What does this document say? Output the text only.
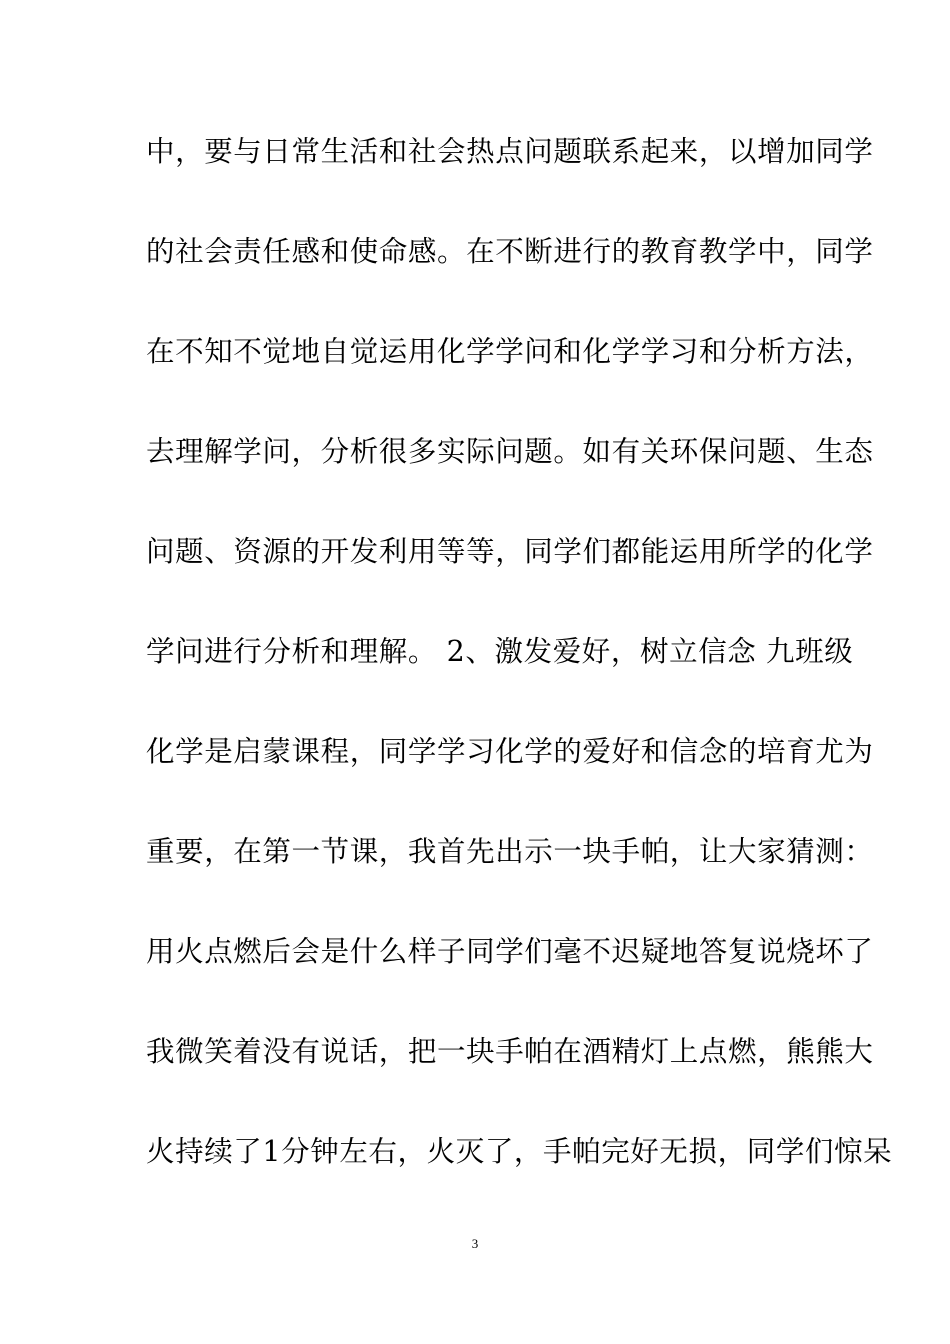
中，要与日常生活和社会热点问题联系起来，以增加同学
的社会责任感和使命感。在不断进行的教育教学中，同学
在不知不觉地自觉运用化学学问和化学学习和分析方法，
去理解学问，分析很多实际问题。如有关环保问题、生态
问题、资源的开发利用等等，同学们都能运用所学的化学
学问进行分析和理解。 2、激发爱好，树立信念 九班级
化学是启蒙课程，同学学习化学的爱好和信念的培育尤为
重要，在第一节课，我首先出示一块手帕，让大家猜测：
用火点燃后会是什么样子同学们毫不迟疑地答复说烧坏了
我微笑着没有说话，把一块手帕在酒精灯上点燃，熊熊大
火持续了1分钟左右，火灭了，手帕完好无损，同学们惊呆
3
